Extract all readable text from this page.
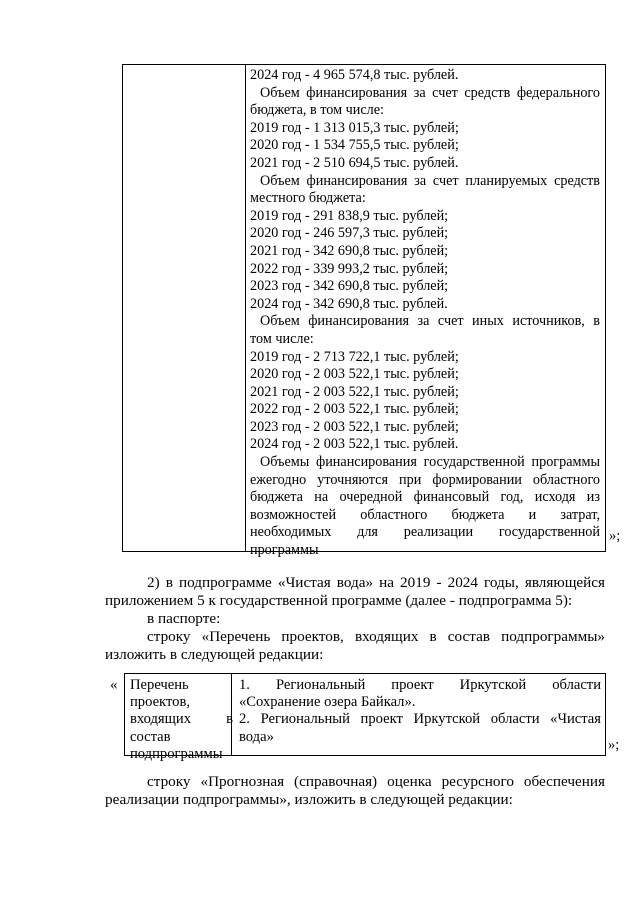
2024 год - 4 965 574,8 тыс. рублей.
Объем финансирования за счет средств федерального
бюджета, в том числе:
2019 год - 1 313 015,3 тыс. рублей;
2020 год - 1 534 755,5 тыс. рублей;
2021 год - 2 510 694,5 тыс. рублей.
Объем финансирования за счет планируемых средств
местного бюджета:
2019 год - 291 838,9 тыс. рублей;
2020 год - 246 597,3 тыс. рублей;
2021 год - 342 690,8 тыс. рублей;
2022 год - 339 993,2 тыс. рублей;
2023 год - 342 690,8 тыс. рублей;
2024 год - 342 690,8 тыс. рублей.
Объем финансирования за счет иных источников, в
том числе:
2019 год - 2 713 722,1 тыс. рублей;
2020 год - 2 003 522,1 тыс. рублей;
2021 год - 2 003 522,1 тыс. рублей;
2022 год - 2 003 522,1 тыс. рублей;
2023 год - 2 003 522,1 тыс. рублей;
2024 год - 2 003 522,1 тыс. рублей.
Объемы финансирования государственной программы
ежегодно уточняются при формировании областного
бюджета на очередной финансовый год, исходя из
возможностей областного бюджета и затрат,
необходимых для реализации государственной
программы
»;
2) в подпрограмме «Чистая вода» на 2019 - 2024 годы, являющейся
приложением 5 к государственной программе (далее - подпрограмма 5):
в паспорте:
строку «Перечень проектов, входящих в состав подпрограммы»
изложить в следующей редакции:
« Перечень
проектов,
входящих в
состав
подпрограммы
1. Региональный проект Иркутской области
«Сохранение озера Байкал».
2. Региональный проект Иркутской области «Чистая
вода»
»;
строку «Прогнозная (справочная) оценка ресурсного обеспечения
реализации подпрограммы», изложить в следующей редакции:
